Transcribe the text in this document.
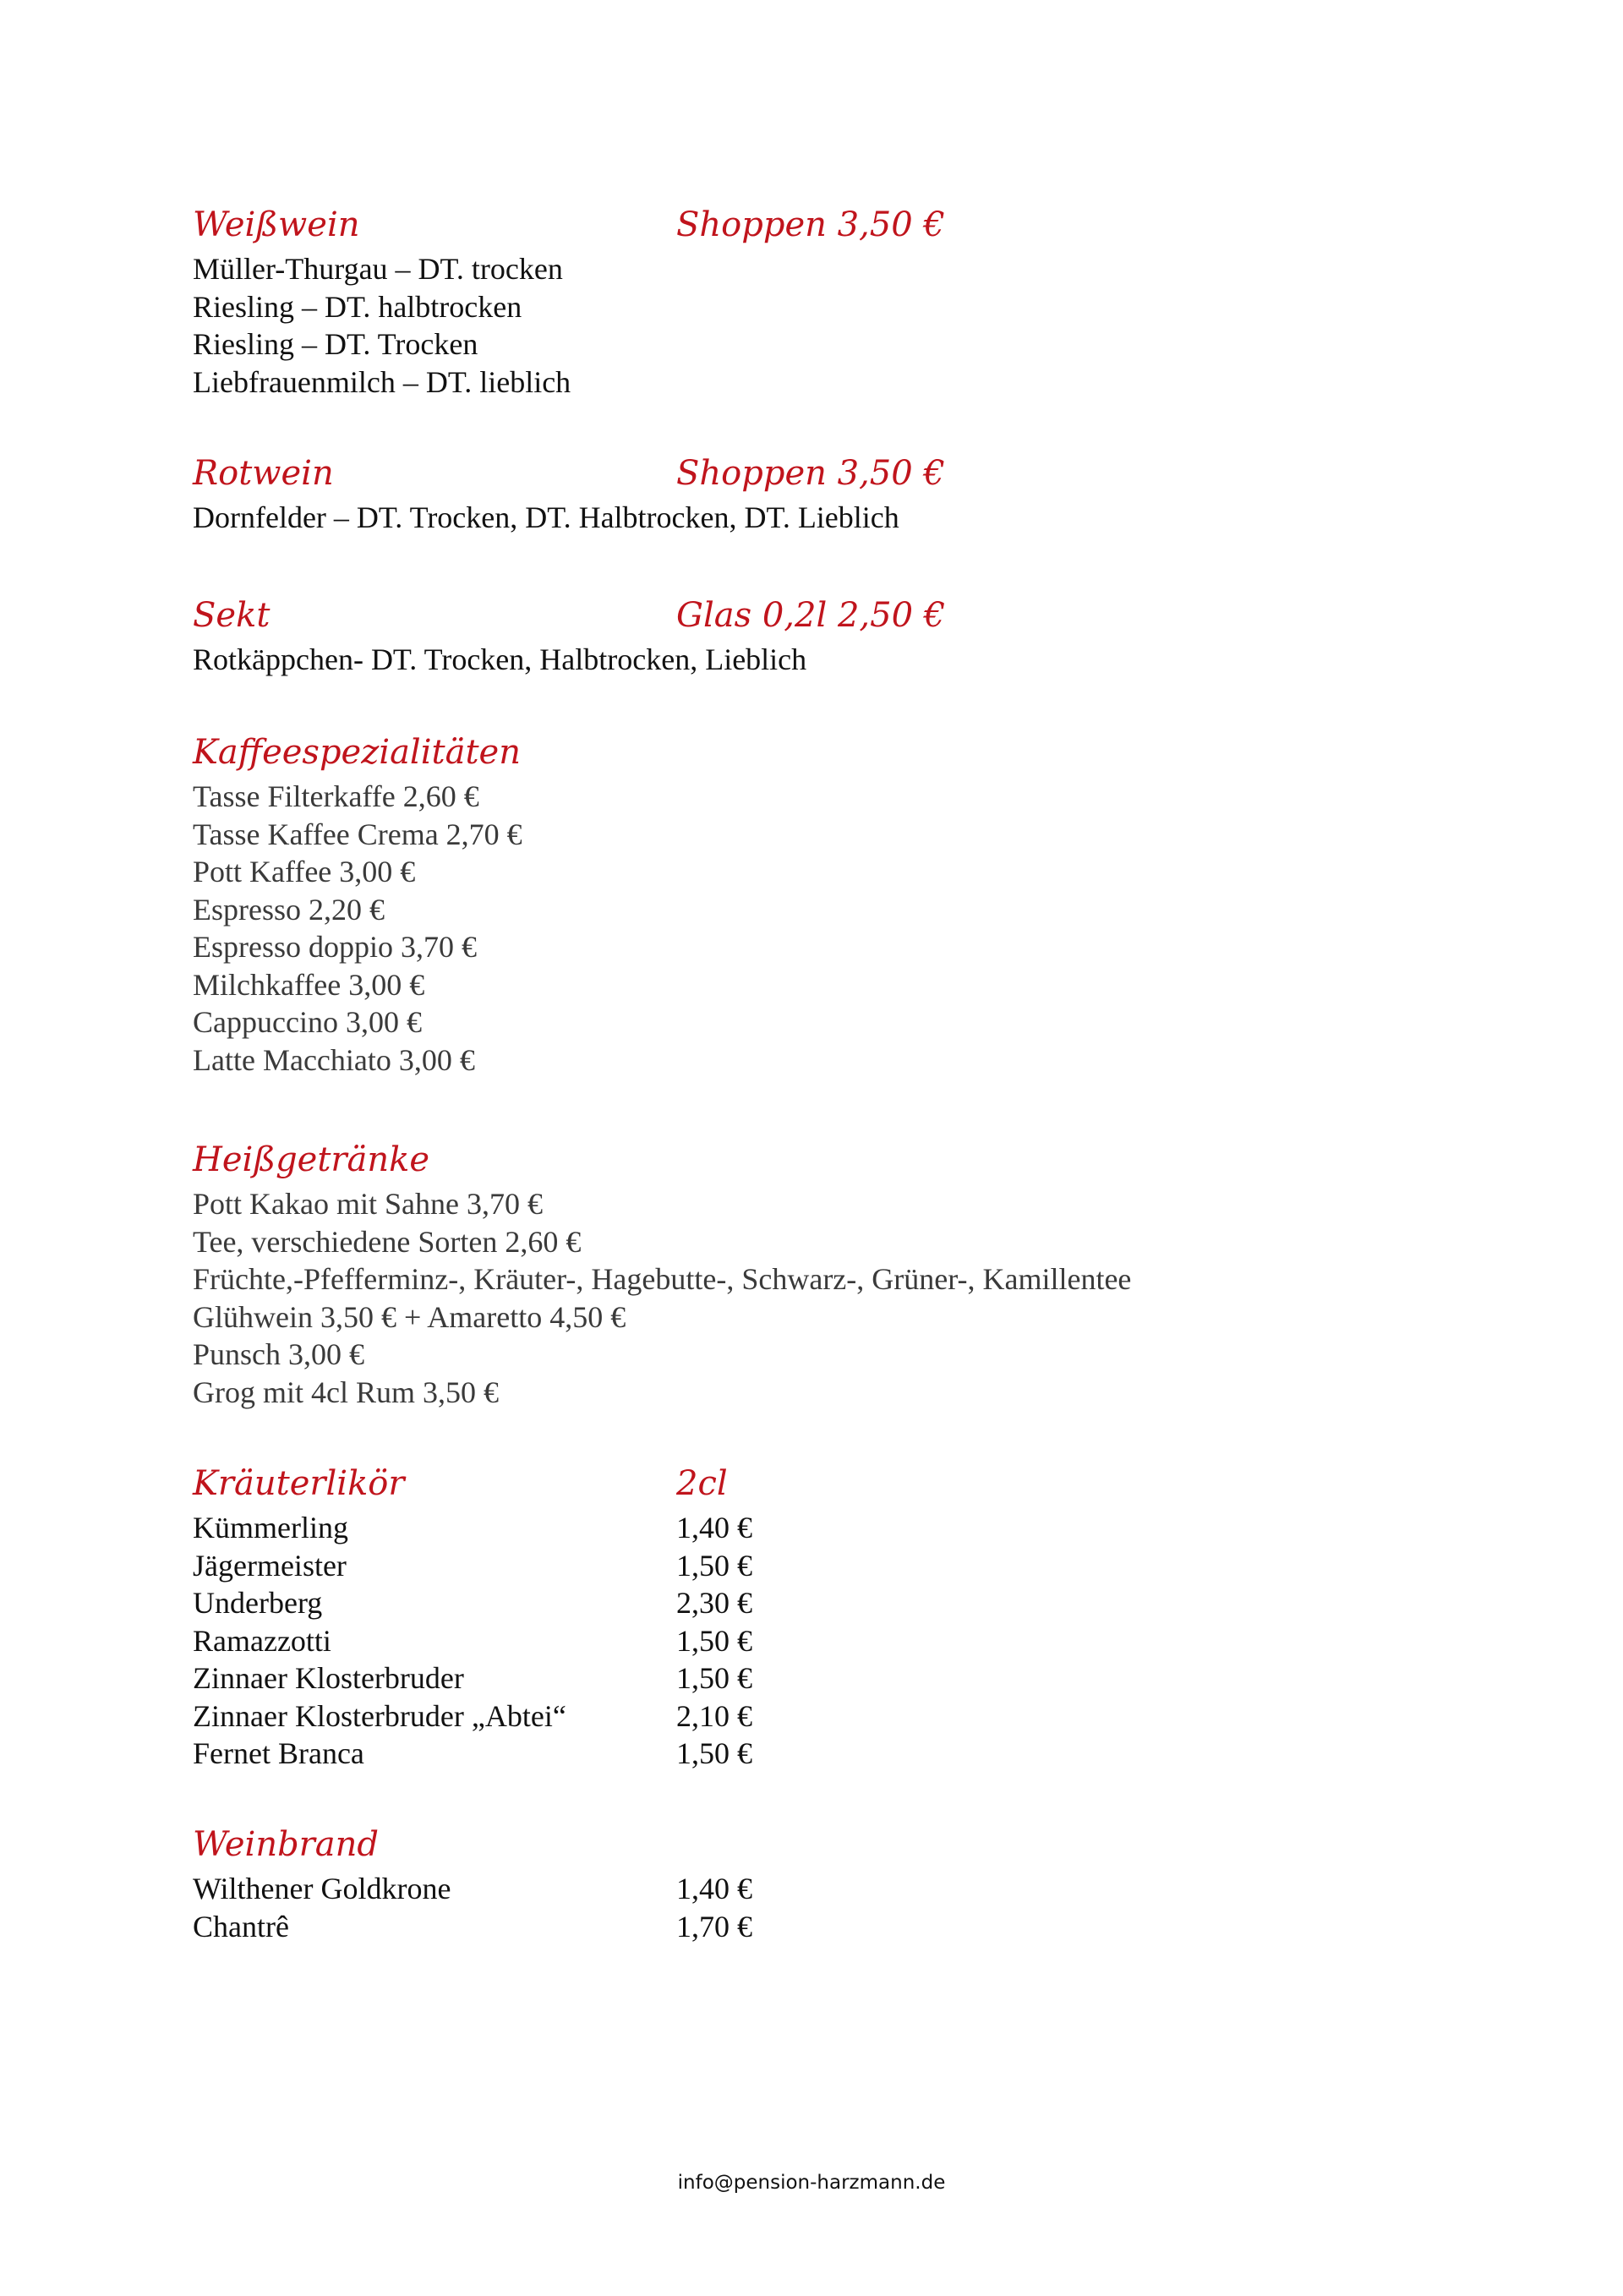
Weißwein	Shoppen 3,50 €
Müller-Thurgau – DT. trocken
Riesling – DT. halbtrocken
Riesling – DT. Trocken
Liebfrauenmilch – DT. lieblich
Rotwein	Shoppen 3,50 €
Dornfelder – DT. Trocken, DT. Halbtrocken, DT. Lieblich
Sekt	Glas 0,2l 2,50 €
Rotkäppchen- DT. Trocken, Halbtrocken, Lieblich
Kaffeespezialitäten
Tasse Filterkaffe 2,60 €
Tasse Kaffee Crema 2,70 €
Pott Kaffee 3,00 €
Espresso 2,20 €
Espresso doppio 3,70 €
Milchkaffee 3,00 €
Cappuccino 3,00 €
Latte Macchiato 3,00 €
Heißgetränke
Pott Kakao mit Sahne 3,70 €
Tee, verschiedene Sorten 2,60 €
Früchte,-Pfefferminz-, Kräuter-, Hagebutte-, Schwarz-, Grüner-, Kamillentee
Glühwein 3,50 € + Amaretto 4,50 €
Punsch 3,00 €
Grog mit 4cl Rum 3,50 €
Kräuterlikör	2cl
Kümmerling	1,40 €
Jägermeister	1,50 €
Underberg	2,30 €
Ramazzotti	1,50 €
Zinnaer Klosterbruder	1,50 €
Zinnaer Klosterbruder „Abtei“	2,10 €
Fernet Branca	1,50 €
Weinbrand
Wilthener Goldkrone	1,40 €
Chantrê	1,70 €
info@pension-harzmann.de
